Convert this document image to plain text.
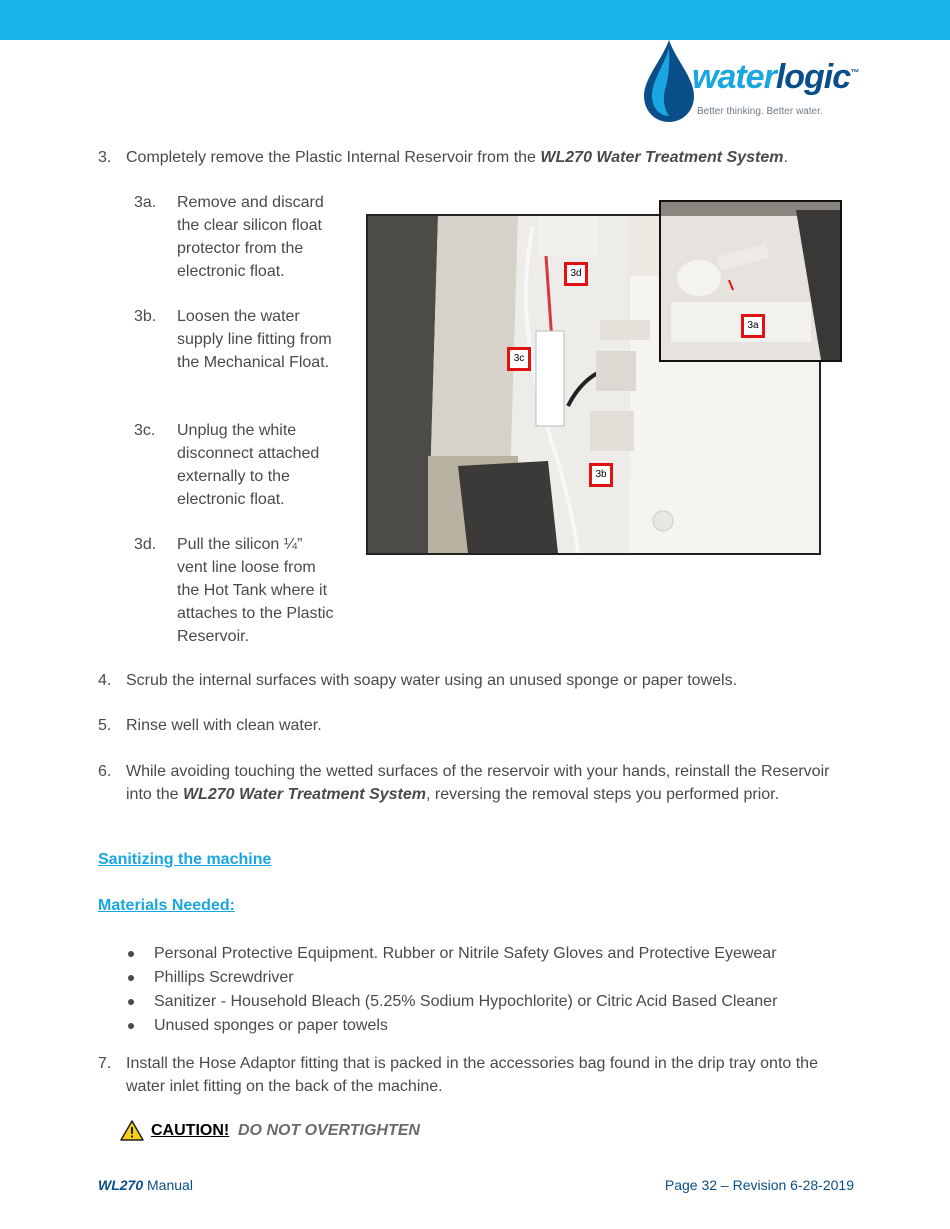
waterlogic™
Better thinking. Better water.
3. Completely remove the Plastic Internal Reservoir from the WL270 Water Treatment System.
3a. Remove and discard the clear silicon float protector from the electronic float.
3b. Loosen the water supply line fitting from the Mechanical Float.
3c. Unplug the white disconnect attached externally to the electronic float.
3d. Pull the silicon ¼” vent line loose from the Hot Tank where it attaches to the Plastic Reservoir.
3d
3c
3b
3a
4. Scrub the internal surfaces with soapy water using an unused sponge or paper towels.
5. Rinse well with clean water.
6. While avoiding touching the wetted surfaces of the reservoir with your hands, reinstall the Reservoir into the WL270 Water Treatment System, reversing the removal steps you performed prior.
Sanitizing the machine
Materials Needed:
Personal Protective Equipment. Rubber or Nitrile Safety Gloves and Protective Eyewear
Phillips Screwdriver
Sanitizer - Household Bleach (5.25% Sodium Hypochlorite) or Citric Acid Based Cleaner
Unused sponges or paper towels
7. Install the Hose Adaptor fitting that is packed in the accessories bag found in the drip tray onto the water inlet fitting on the back of the machine.
CAUTION! DO NOT OVERTIGHTEN
WL270 Manual	Page 32 – Revision 6-28-2019
